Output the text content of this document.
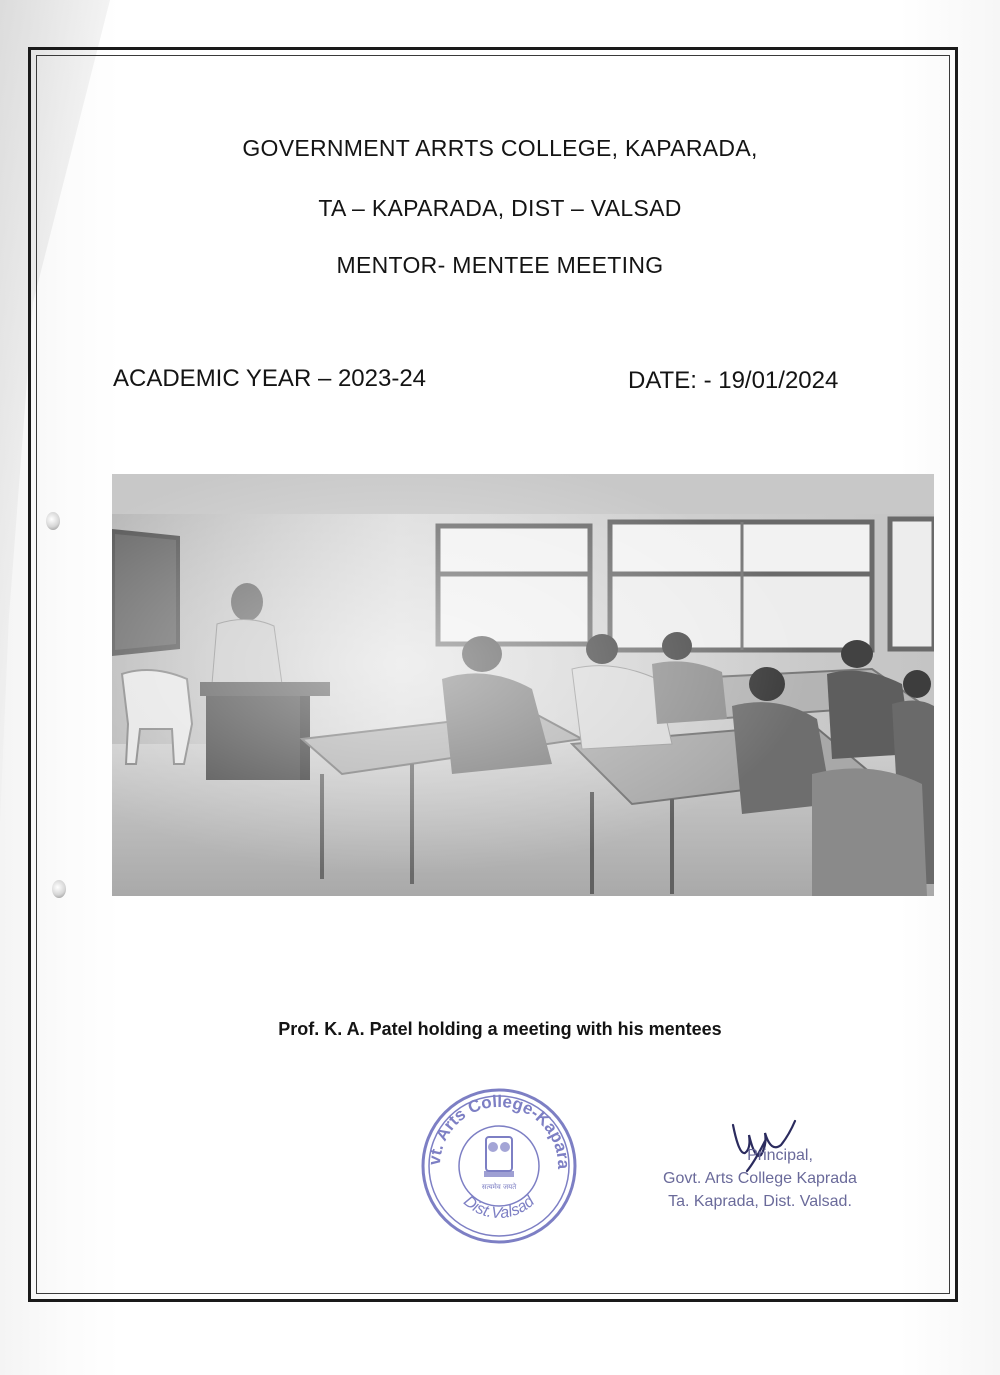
GOVERNMENT ARRTS COLLEGE, KAPARADA,
TA – KAPARADA, DIST – VALSAD
MENTOR- MENTEE MEETING
ACADEMIC YEAR – 2023-24	DATE: - 19/01/2024
Prof. K. A. Patel holding a meeting with his mentees
vt. Arts College-Kapara
Dist.Valsad
सत्यमेव जयते
Principal,
Govt. Arts College Kaprada
Ta. Kaprada, Dist. Valsad.
